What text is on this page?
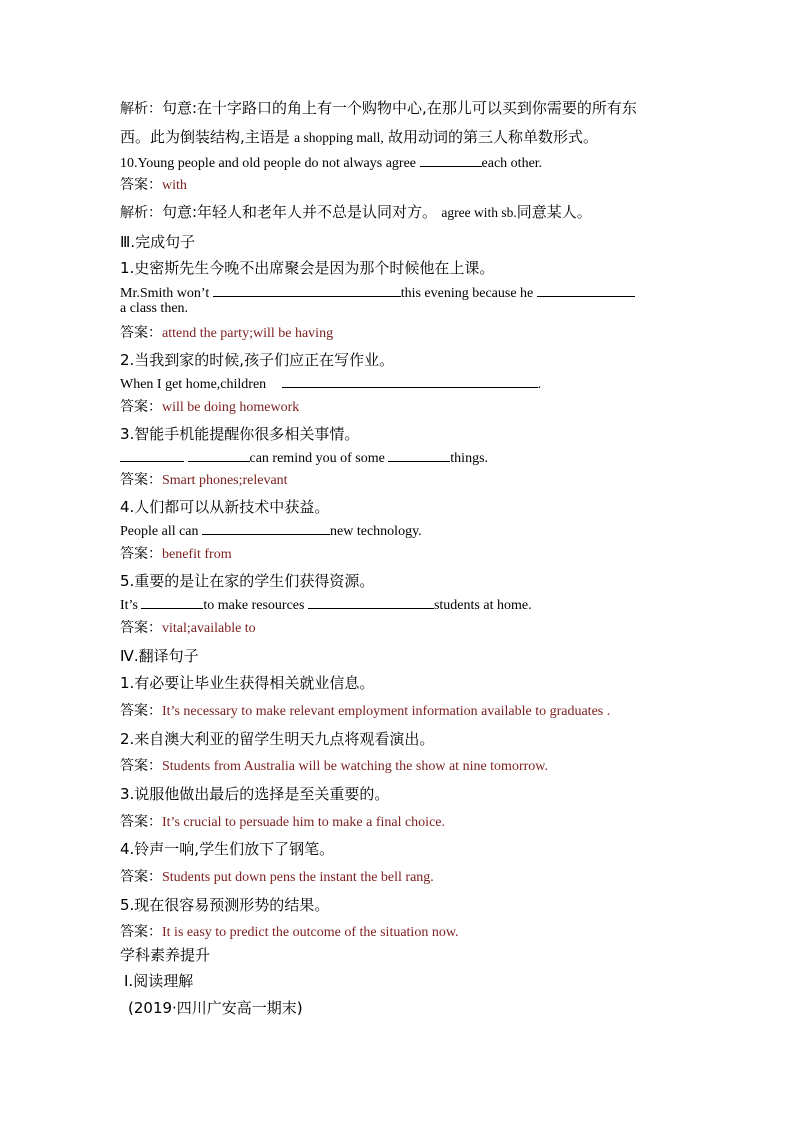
解析：句意:在十字路口的角上有一个购物中心,在那儿可以买到你需要的所有东
西。此为倒装结构,主语是 a shopping mall, 故用动词的第三人称单数形式。
10.Young people and old people do not always agree	each other.
答案：with
解析：句意:年轻人和老年人并不总是认同对方。 agree with sb.同意某人。
Ⅲ.完成句子
1.史密斯先生今晚不出席聚会是因为那个时候他在上课。
Mr.Smith won’t	this evening because he
a class then.
答案：attend the party;will be having
2.当我到家的时候,孩子们应正在写作业。
When I get home,children	.
答案：will be doing homework
3.智能手机能提醒你很多相关事情。
can remind you of some	things.
答案：Smart phones;relevant
4.人们都可以从新技术中获益。
People all can	new technology.
答案：benefit from
5.重要的是让在家的学生们获得资源。
It’s	to make resources	students at home.
答案：vital;available to
Ⅳ.翻译句子
1.有必要让毕业生获得相关就业信息。
答案：It’s necessary to make relevant employment information available to graduates .
2.来自澳大利亚的留学生明天九点将观看演出。
答案：Students from Australia will be watching the show at nine tomorrow.
3.说服他做出最后的选择是至关重要的。
答案：It’s crucial to persuade him to make a final choice.
4.铃声一响,学生们放下了钢笔。
答案：Students put down pens the instant the bell rang.
5.现在很容易预测形势的结果。
答案：It is easy to predict the outcome of the situation now.
学科素养提升
Ⅰ.阅读理解
(2019·四川广安高一期末)
